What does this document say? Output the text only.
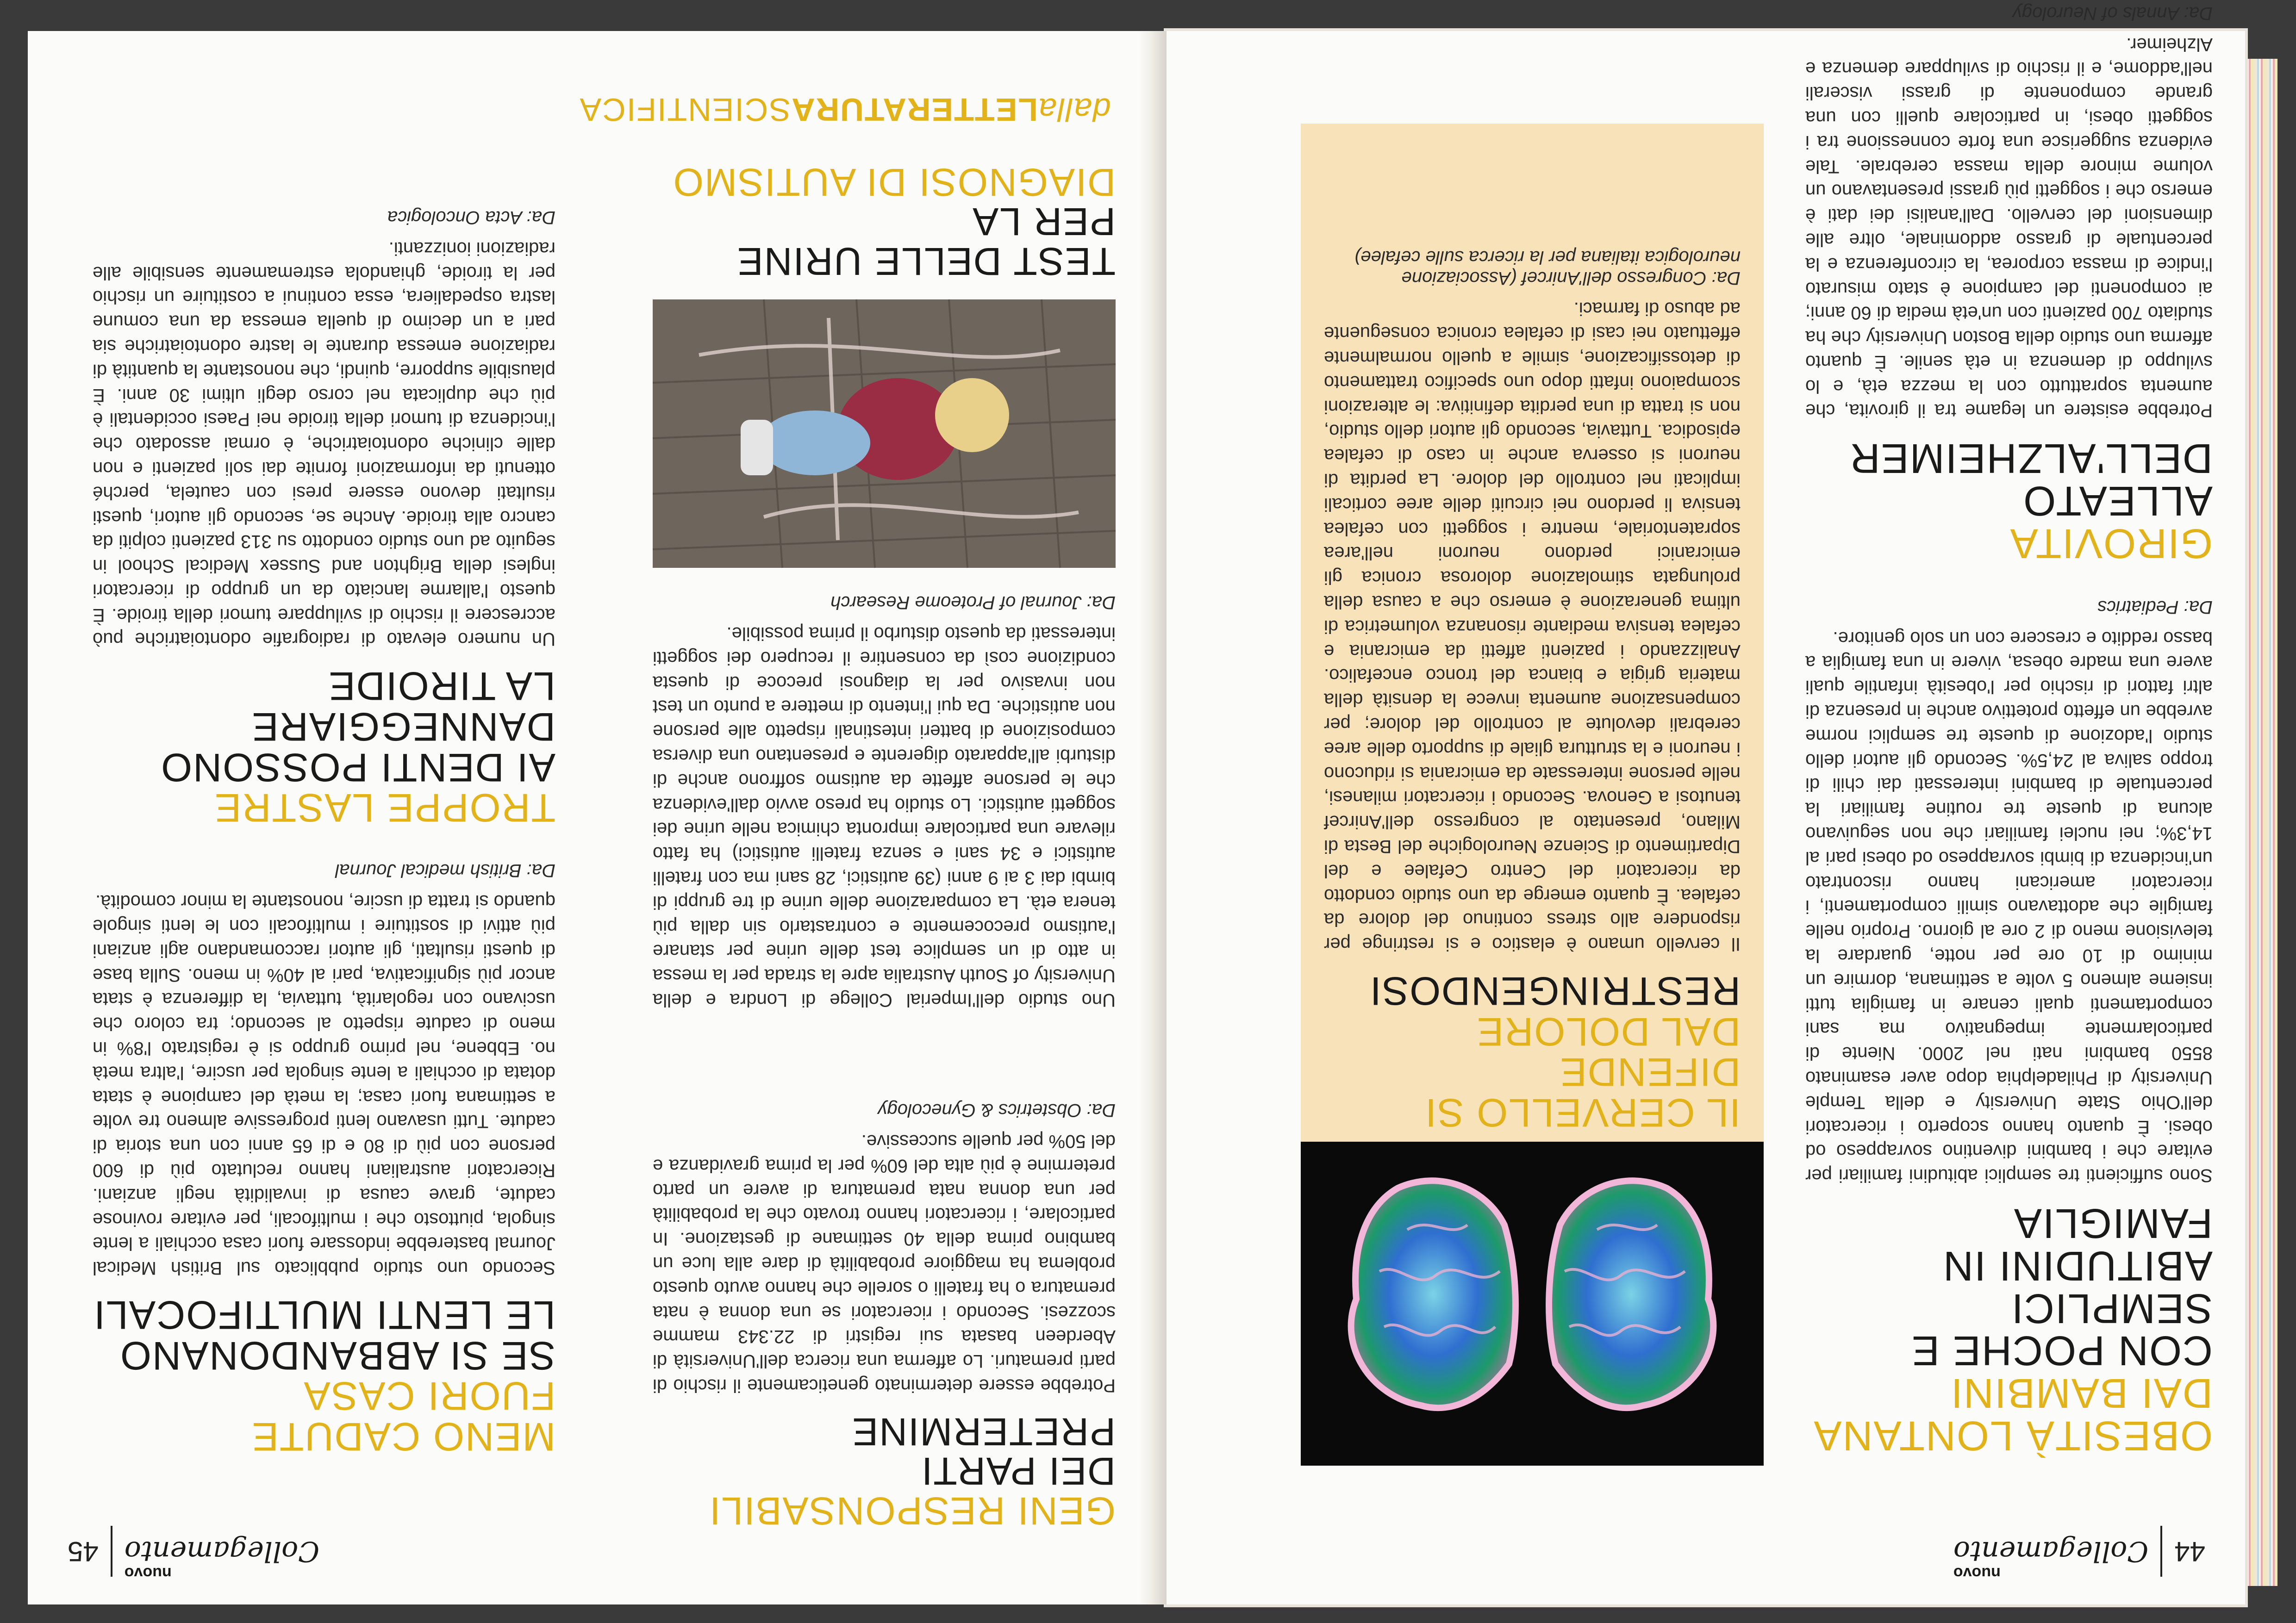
44
nuovo
Collegamento
OBESITÀ LONTANA
DAI BAMBINI
CON POCHE E SEMPLICI
ABITUDINI IN FAMIGLIA

Sono sufficienti tre semplici abitudini familiari per evitare che i bambini diventino sovrappeso od obesi. È quanto hanno scoperto i ricercatori dell'Ohio State University e della Temple University di Philadelphia dopo aver esaminato 8550 bambini nati nel 2000. Niente di particolarmente impegnativo ma sani comportamenti quali cenare in famiglia tutti insieme almeno 5 volte a settimana, dormire un minimo di 10 ore per notte, guardare la televisione meno di 2 ore al giorno. Proprio nelle famiglie che adottavano simili comportamenti, i ricercatori americani hanno riscontrato un'incidenza di bimbi sovrappeso od obesi pari al 14,3%; nei nuclei familiari che non seguivano alcuna di queste tre routine familiari la percentuale di bambini interessati dai chili di troppo saliva al 24,5%. Secondo gli autori dello studio l'adozione di queste tre semplici norme avrebbe un effetto protettivo anche in presenza di altri fattori di rischio per l'obesità infantile quali avere una madre obesa, vivere in una famiglia a basso reddito e crescere con un solo genitore.

Da: Pediatrics
GIROVITA
ALLEATO DELL'ALZHEIMER

Potrebbe esistere un legame tra il girovita, che aumenta soprattutto con la mezza età, e lo sviluppo di demenza in età senile. È quanto afferma uno studio della Boston University che ha studiato 700 pazienti con un'età media di 60 anni; ai componenti del campione è stato misurato l'indice di massa corporea, la circonferenza e la percentuale di grasso addominale, oltre alle dimensioni del cervello. Dall'analisi dei dati è emerso che i soggetti più grassi presentavano un volume minore della massa cerebrale. Tale evidenza suggerisce una forte connessione tra i soggetti obesi, in particolare quelli con una grande componente di grassi viscerali nell'addome, e il rischio di sviluppare demenza e Alzheimer.

Da: Annals of Neurology
IL CERVELLO SI DIFENDE
DAL DOLORE
RESTRINGENDOSI

Il cervello umano è elastico e si restringe per rispondere allo stress continuo del dolore da cefalea. È quanto emerge da uno studio condotto da ricercatori del Centro Cefalee e del Dipartimento di Scienze Neurologiche del Besta di Milano, presentato al congresso dell'Anircef tenutosi a Genova. Secondo i ricercatori milanesi, nelle persone interessate da emicrania si riducono i neuroni e la struttura gliale di supporto delle aree cerebrali devolute al controllo del dolore; per compensazione aumenta invece la densità della materia grigia e bianca del tronco encefalico. Analizzando i pazienti affetti da emicrania e cefalea tensiva mediante risonanza volumetrica di ultima generazione è emerso che a causa della prolungata stimolazione dolorosa cronica gli emicranici perdono neuroni nell'area sopratentoriale, mentre i soggetti con cefalea tensiva li perdono nei circuiti delle aree corticali implicati nel controllo del dolore. La perdita di neuroni si osserva anche in caso di cefalea episodica. Tuttavia, secondo gli autori dello studio, non si tratta di una perdita definitiva: le alterazioni scompaiono infatti dopo uno specifico trattamento di detossificazione, simile a quello normalmente effettuato nei casi di cefalea cronica conseguente ad abuso di farmaci.

Da: Congresso dell'Anircef (Associazione neurologica italiana per la ricerca sulle cefalee)
nuovo
Collegamento
45
GENI RESPONSABILI
DEI PARTI PRETERMINE

Potrebbe essere determinato geneticamente il rischio di parti prematuri. Lo afferma una ricerca dell'Università di Aberdeen basata sui registri di 22.343 mamme scozzesi. Secondo i ricercatori se una donna è nata prematura o ha fratelli o sorelle che hanno avuto questo problema ha maggiore probabilità di dare alla luce un bambino prima della 40 settimane di gestazione. In particolare, i ricercatori hanno trovato che la probabilità per una donna nata prematura di avere un parto pretermine è più alta del 60% per la prima gravidanza e del 50% per quelle successive.

Da: Obstetrics & Gynecology

Uno studio dell'Imperial College di Londra e della University of South Australia apre la strada per la messa in atto di un semplice test delle urine per stanare l'autismo precocemente e contrastarlo sin dalla più tenera età. La comparazione delle urine di tre gruppi di bimbi dai 3 ai 9 anni (39 autistici, 28 sani ma con fratelli autistici e 34 sani e senza fratelli autistici) ha fatto rilevare una particolare impronta chimica nelle urine dei soggetti autistici. Lo studio ha preso avvio dall'evidenza che le persone affette da autismo soffrono anche di disturbi all'apparato digerente e presentano una diversa composizione di batteri intestinali rispetto alle persone non autistiche. Da qui l'intento di mettere a punto un test non invasivo per la diagnosi precoce di questa condizione così da consentire il recupero dei soggetti interessati da questo disturbo il prima possibile.

Da: Journal of Proteome Research
MENO CADUTE
FUORI CASA
SE SI ABBANDONANO
LE LENTI MULTIFOCALI

Secondo uno studio pubblicato sul British Medical Journal basterebbe indossare fuori casa occhiali a lente singola, piuttosto che i multifocali, per evitare rovinose cadute, grave causa di invalidità negli anziani. Ricercatori australiani hanno reclutato più di 600 persone con più di 80 e di 65 anni con una storia di cadute. Tutti usavano lenti progressive almeno tre volte a settimana fuori casa; la metà del campione è stata dotata di occhiali a lente singola per uscire, l'altra metà no. Ebbene, nel primo gruppo si è registrato l'8% in meno di cadute rispetto al secondo; tra coloro che uscivano con regolarità, tuttavia, la differenza è stata ancor più significativa, pari al 40% in meno. Sulla base di questi risultati, gli autori raccomandano agli anziani più attivi di sostituire i multifocali con le lenti singole quando si tratta di uscire, nonostante la minor comodità.

Da: British medical Journal
TROPPE LASTRE
AI DENTI POSSONO
DANNEGGIARE
LA TIROIDE

Un numero elevato di radiografie odontoiatriche può accrescere il rischio di sviluppare tumori della tiroide. È questo l'allarme lanciato da un gruppo di ricercatori inglesi della Brighton and Sussex Medical School in seguito ad uno studio condotto su 313 pazienti colpiti da cancro alla tiroide. Anche se, secondo gli autori, questi risultati devono essere presi con cautela, perché ottenuti da informazioni fornite dai soli pazienti e non dalle cliniche odontoiatriche, è ormai assodato che l'incidenza di tumori della tiroide nei Paesi occidentali è più che duplicata nel corso degli ultimi 30 anni. È plausibile supporre, quindi, che nonostante la quantità di radiazione emessa durante le lastre odontoiatriche sia pari a un decimo di quella emessa da una comune lastra ospedaliera, essa continui a costituire un rischio per la tiroide, ghiandola estremamente sensibile alle radiazioni ionizzanti.

Da: Acta Oncologica
TEST DELLE URINE PER LA
DIAGNOSI DI AUTISMO
dallaLETTERATURASCIENTIFICA
